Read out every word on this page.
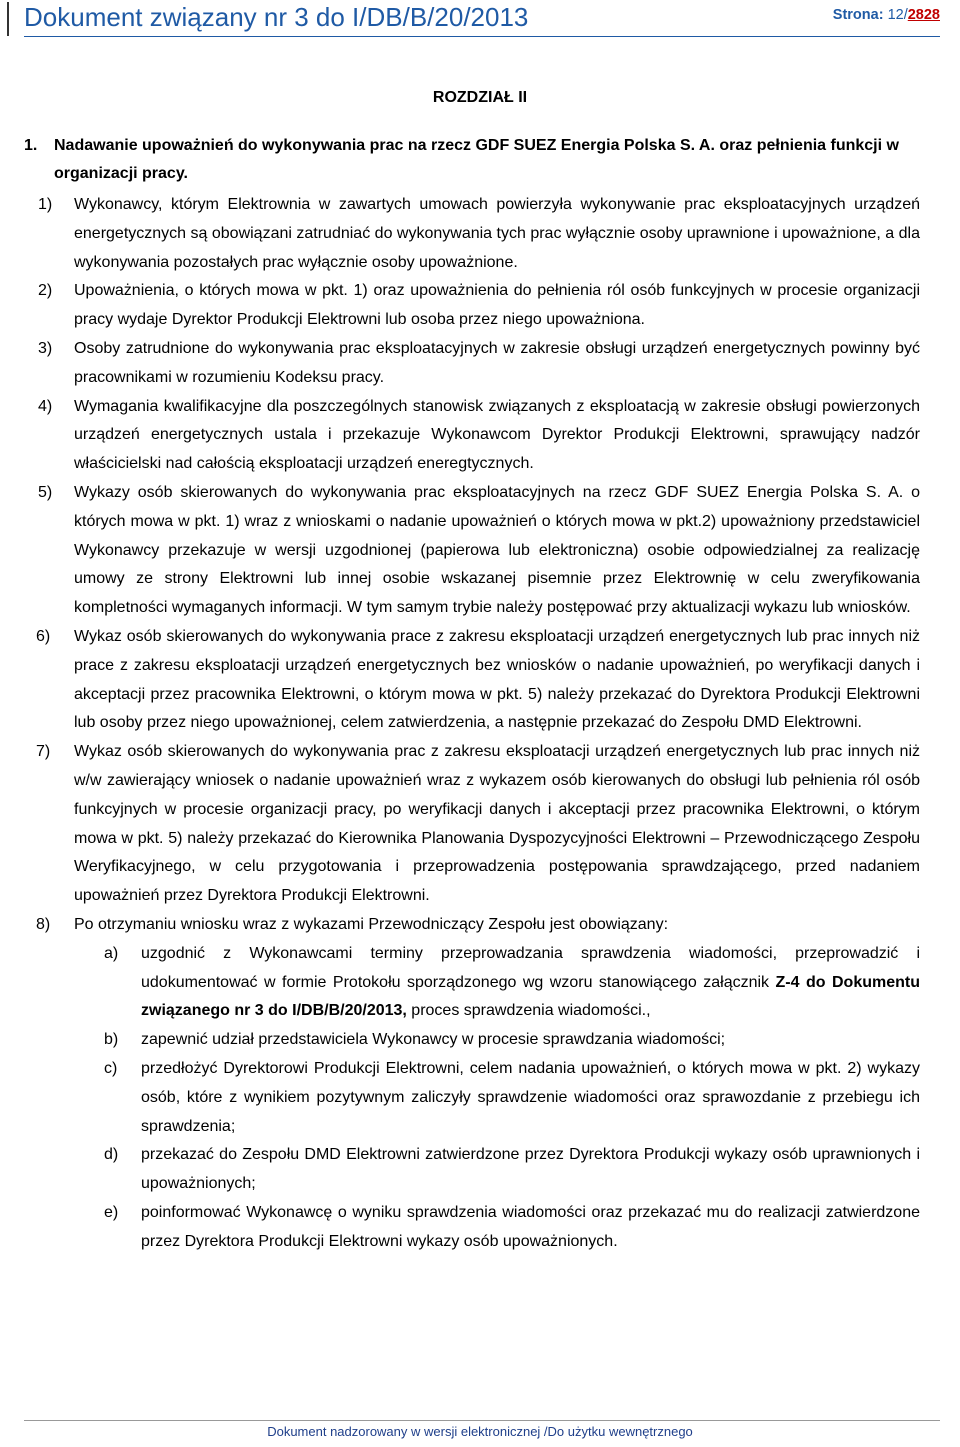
Dokument związany nr 3 do I/DB/B/20/2013	Strona: 12/2828
ROZDZIAŁ II
1. Nadawanie upoważnień do wykonywania prac na rzecz GDF SUEZ Energia Polska S. A. oraz pełnienia funkcji w organizacji pracy.
1) Wykonawcy, którym Elektrownia w zawartych umowach powierzyła wykonywanie prac eksploatacyjnych urządzeń energetycznych są obowiązani zatrudniać do wykonywania tych prac wyłącznie osoby uprawnione i upoważnione, a dla wykonywania pozostałych prac wyłącznie osoby upoważnione.
2) Upoważnienia, o których mowa w pkt. 1) oraz upoważnienia do pełnienia ról osób funkcyjnych w procesie organizacji pracy wydaje Dyrektor Produkcji Elektrowni lub osoba przez niego upoważniona.
3) Osoby zatrudnione do wykonywania prac eksploatacyjnych w zakresie obsługi urządzeń energetycznych powinny być pracownikami w rozumieniu Kodeksu pracy.
4) Wymagania kwalifikacyjne dla poszczególnych stanowisk związanych z eksploatacją w zakresie obsługi powierzonych urządzeń energetycznych ustala i przekazuje Wykonawcom Dyrektor Produkcji Elektrowni, sprawujący nadzór właścicielski nad całością eksploatacji urządzeń eneregtycznych.
5) Wykazy osób skierowanych do wykonywania prac eksploatacyjnych na rzecz GDF SUEZ Energia Polska S. A. o których mowa w pkt. 1) wraz z wnioskami o nadanie upoważnień o których mowa w pkt.2) upoważniony przedstawiciel Wykonawcy przekazuje w wersji uzgodnionej (papierowa lub elektroniczna) osobie odpowiedzialnej za realizację umowy ze strony Elektrowni lub innej osobie wskazanej pisemnie przez Elektrownię w celu zweryfikowania kompletności wymaganych informacji. W tym samym trybie należy postępować przy aktualizacji wykazu lub wniosków.
6) Wykaz osób skierowanych do wykonywania prace z zakresu eksploatacji urządzeń energetycznych lub prac innych niż prace z zakresu eksploatacji urządzeń energetycznych bez wniosków o nadanie upoważnień, po weryfikacji danych i akceptacji przez pracownika Elektrowni, o którym mowa w pkt. 5) należy przekazać do Dyrektora Produkcji Elektrowni lub osoby przez niego upoważnionej, celem zatwierdzenia, a następnie przekazać do Zespołu DMD Elektrowni.
7) Wykaz osób skierowanych do wykonywania prac z zakresu eksploatacji urządzeń energetycznych lub prac innych niż w/w zawierający wniosek o nadanie upoważnień wraz z wykazem osób kierowanych do obsługi lub pełnienia ról osób funkcyjnych w procesie organizacji pracy, po weryfikacji danych i akceptacji przez pracownika Elektrowni, o którym mowa w pkt. 5) należy przekazać do Kierownika Planowania Dyspozycyjności Elektrowni – Przewodniczącego Zespołu Weryfikacyjnego, w celu przygotowania i przeprowadzenia postępowania sprawdzającego, przed nadaniem upoważnień przez Dyrektora Produkcji Elektrowni.
8) Po otrzymaniu wniosku wraz z wykazami Przewodniczący Zespołu jest obowiązany:
a) uzgodnić z Wykonawcami terminy przeprowadzania sprawdzenia wiadomości, przeprowadzić i udokumentować w formie Protokołu sporządzonego wg wzoru stanowiącego załącznik Z-4 do Dokumentu związanego nr 3 do I/DB/B/20/2013, proces sprawdzenia wiadomości.,
b) zapewnić udział przedstawiciela Wykonawcy w procesie sprawdzania wiadomości;
c) przedłożyć Dyrektorowi Produkcji Elektrowni, celem nadania upoważnień, o których mowa w pkt. 2) wykazy osób, które z wynikiem pozytywnym zaliczyły sprawdzenie wiadomości oraz sprawozdanie z przebiegu ich sprawdzenia;
d) przekazać do Zespołu DMD Elektrowni zatwierdzone przez Dyrektora Produkcji wykazy osób uprawnionych i upoważnionych;
e) poinformować Wykonawcę o wyniku sprawdzenia wiadomości oraz przekazać mu do realizacji zatwierdzone przez Dyrektora Produkcji Elektrowni wykazy osób upoważnionych.
Dokument nadzorowany w wersji elektronicznej /Do użytku wewnętrznego
